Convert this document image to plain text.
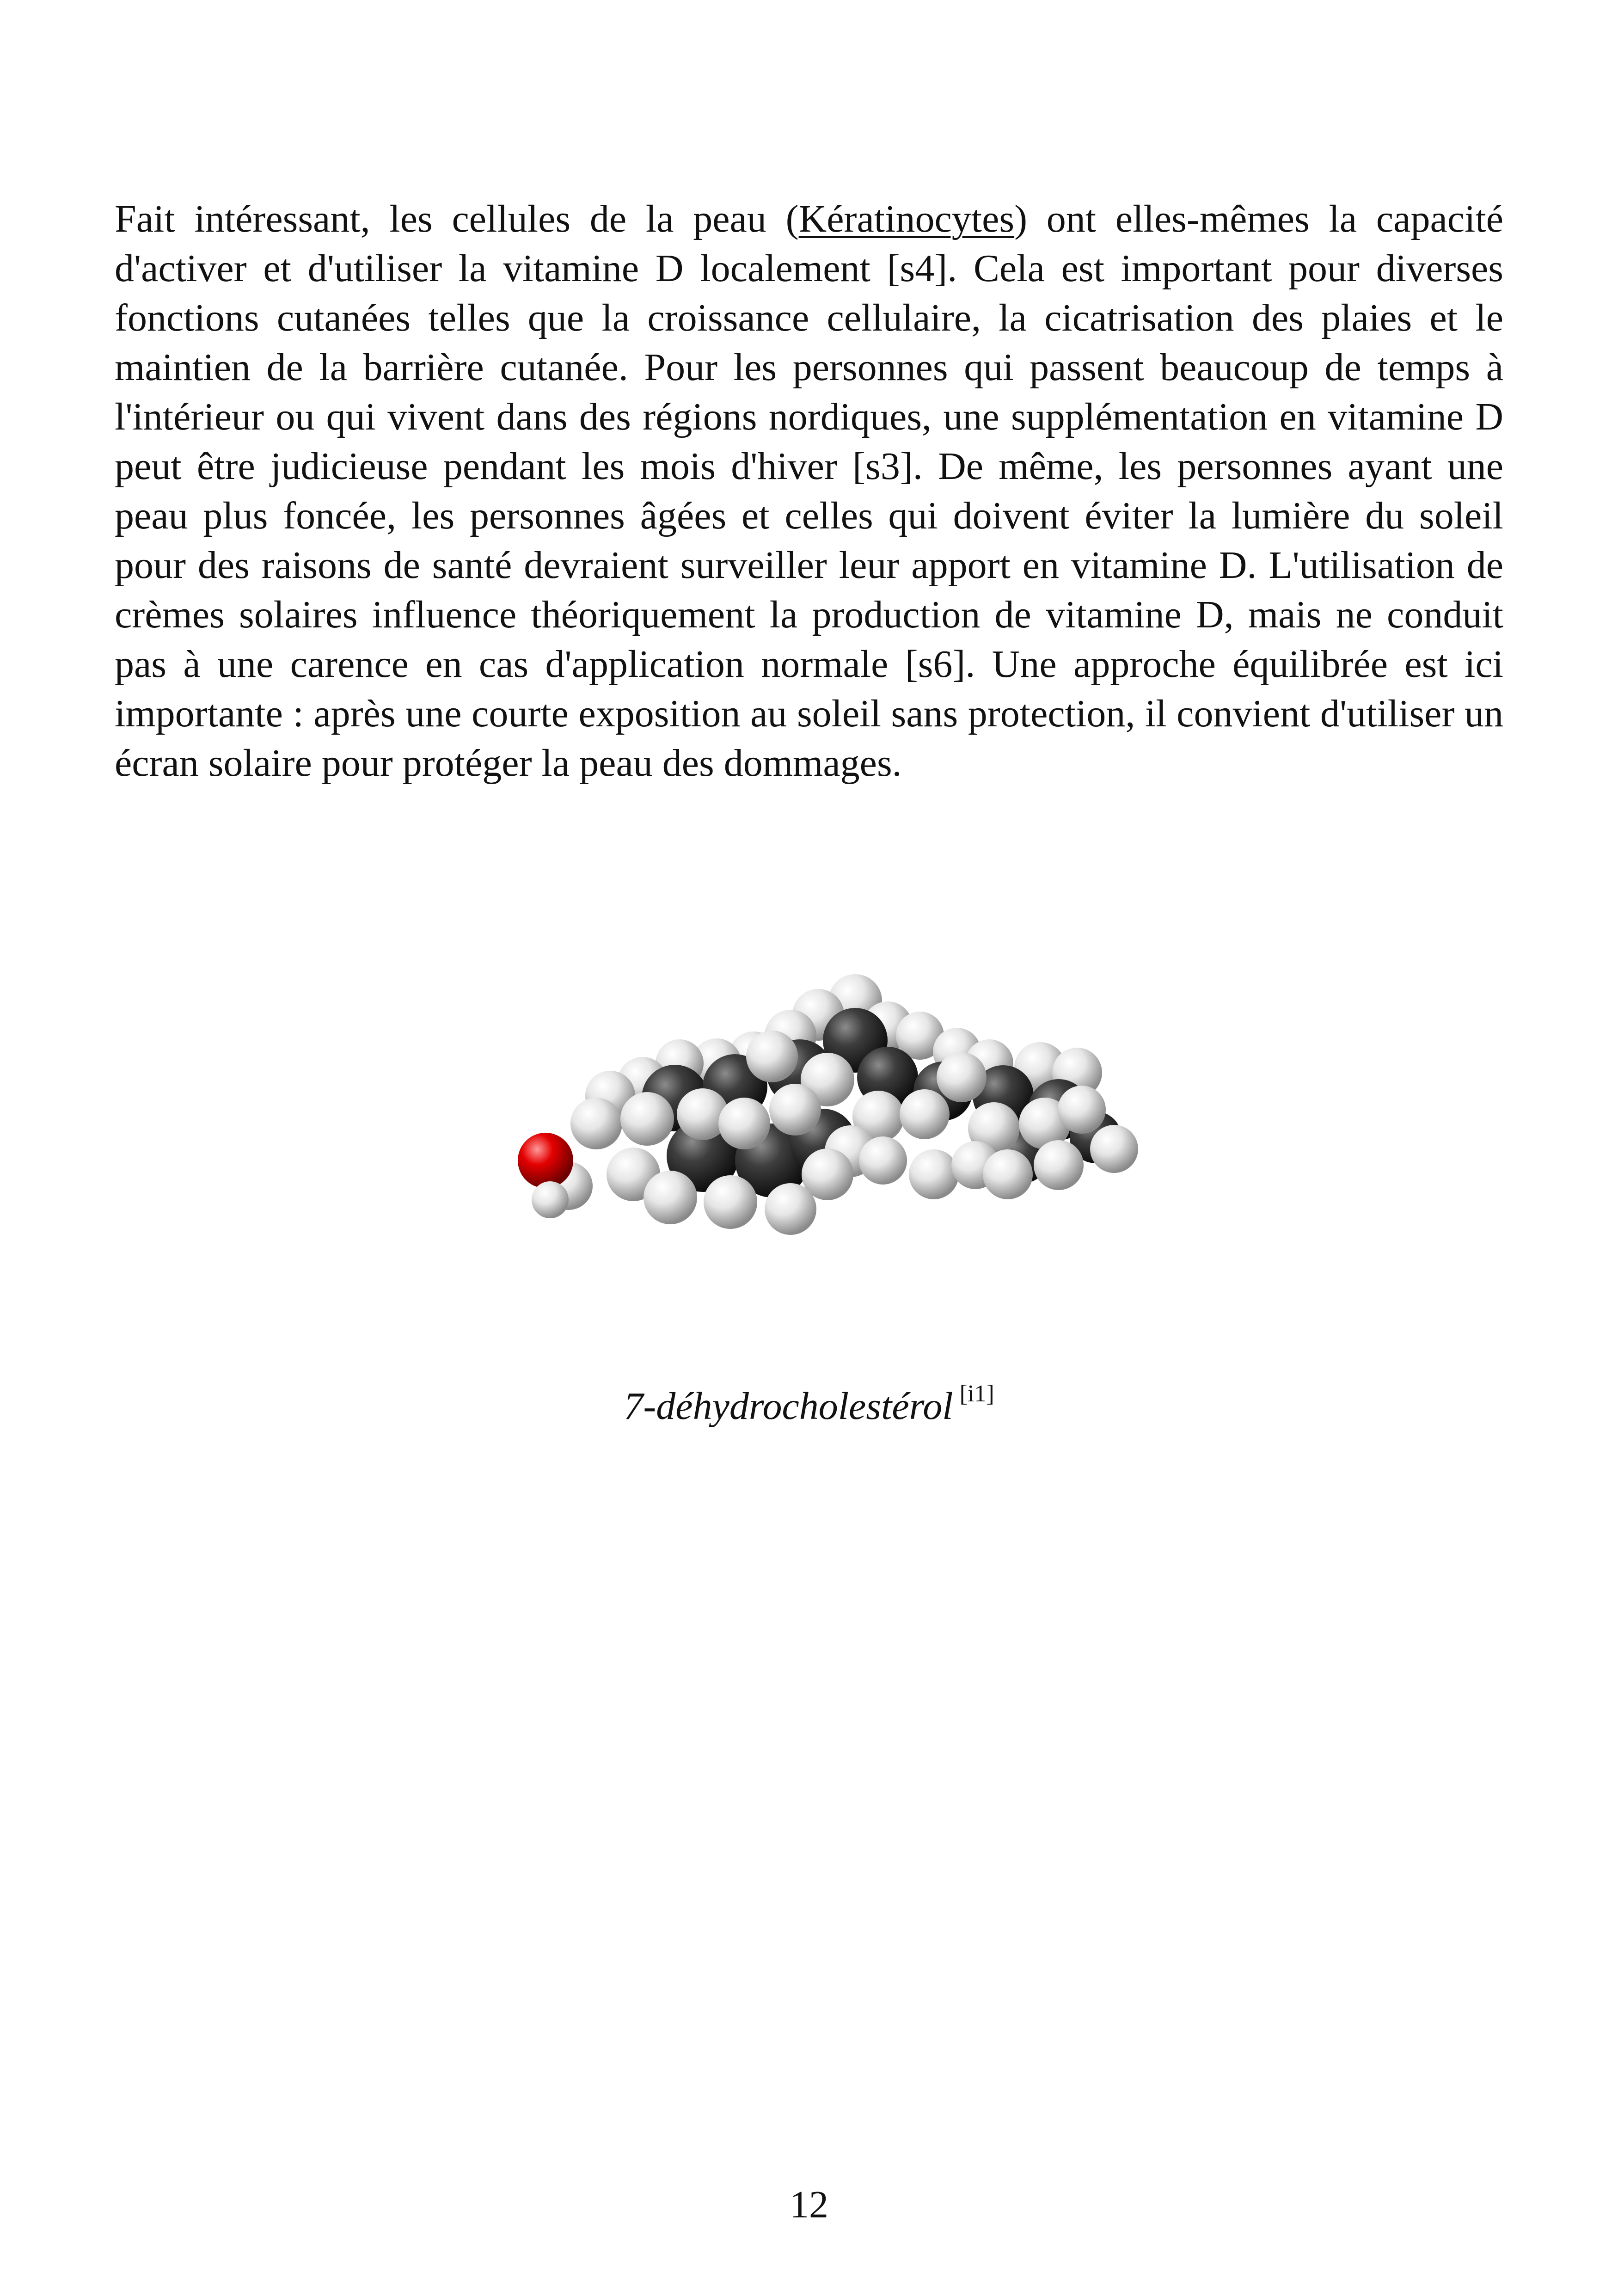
Fait intéressant, les cellules de la peau (Kératinocytes) ont elles-mêmes la capacité d'activer et d'utiliser la vitamine D localement [s4]. Cela est important pour diverses fonctions cutanées telles que la croissance cellulaire, la cicatrisation des plaies et le maintien de la barrière cutanée. Pour les personnes qui passent beaucoup de temps à l'intérieur ou qui vivent dans des régions nordiques, une supplémentation en vitamine D peut être judicieuse pendant les mois d'hiver [s3]. De même, les personnes ayant une peau plus foncée, les personnes âgées et celles qui doivent éviter la lumière du soleil pour des raisons de santé devraient surveiller leur apport en vitamine D. L'utilisation de crèmes solaires influence théoriquement la production de vitamine D, mais ne conduit pas à une carence en cas d'application normale [s6]. Une approche équilibrée est ici importante : après une courte exposition au soleil sans protection, il convient d'utiliser un écran solaire pour protéger la peau des dommages.

7-déhydrocholestérol [i1]
12
